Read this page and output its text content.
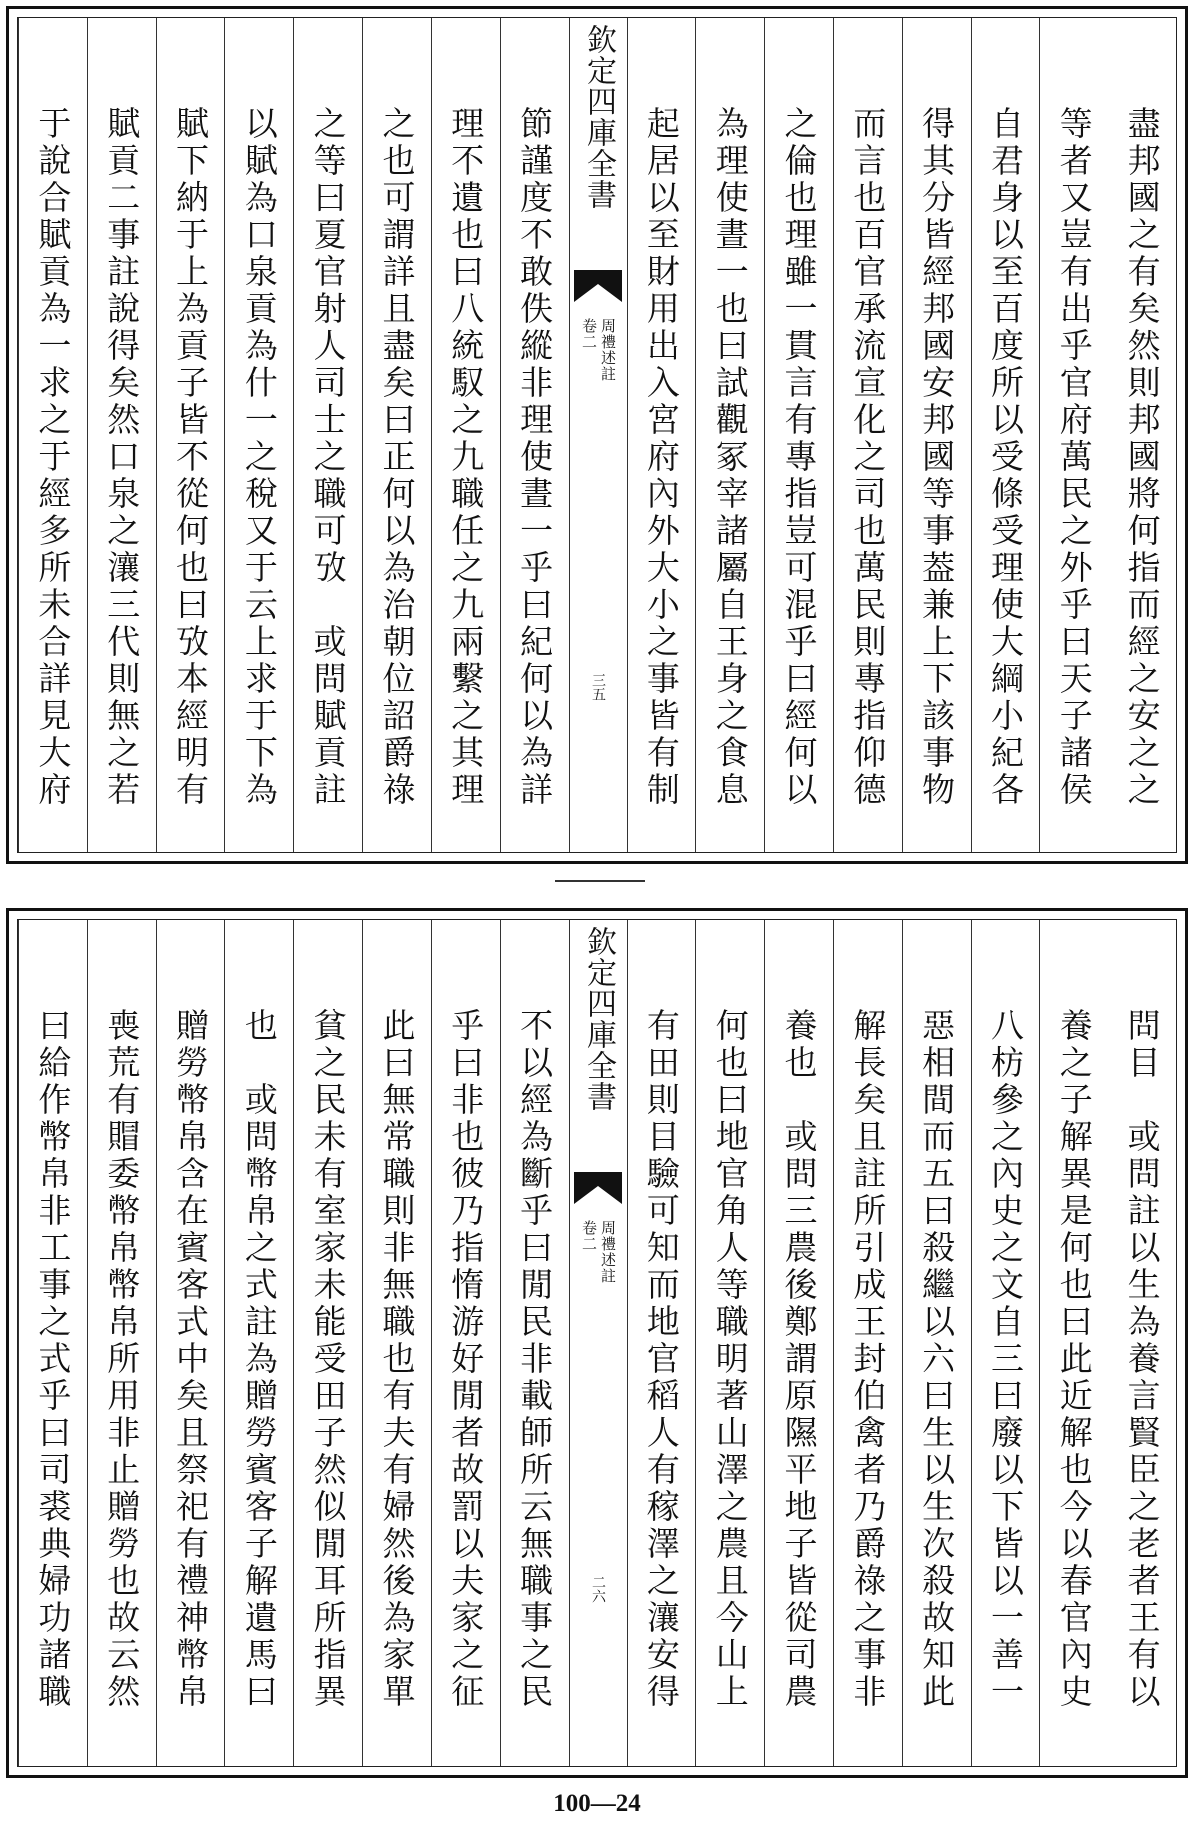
盡邦國之有矣然則邦國將何指而經之安之之
等者又豈有出乎官府萬民之外乎曰天子諸侯
自君身以至百度所以受條受理使大綱小紀各
得其分皆經邦國安邦國等事葢兼上下該事物
而言也百官承流宣化之司也萬民則專指仰德
之倫也理雖一貫言有專指豈可混乎曰經何以
為理使晝一也曰試觀冢宰諸屬自王身之食息
起居以至財用出入宮府內外大小之事皆有制
欽定四庫全書
周禮述註
卷二
三五
節謹度不敢佚縱非理使晝一乎曰紀何以為詳
理不遺也曰八統馭之九職任之九兩繫之其理
之也可謂詳且盡矣曰正何以為治朝位詔爵祿
之等曰夏官射人司士之職可攷　或問賦貢註
以賦為口泉貢為什一之稅又于云上求于下為
賦下納于上為貢子皆不從何也曰攷本經明有
賦貢二事註說得矣然口泉之瀼三代則無之若
于說合賦貢為一求之于經多所未合詳見大府
問目　或問註以生為養言賢臣之老者王有以
養之子解異是何也曰此近解也今以春官內史
八枋參之內史之文自三曰廢以下皆以一善一
惡相間而五曰殺繼以六曰生以生次殺故知此
解長矣且註所引成王封伯禽者乃爵祿之事非
養也　或問三農後鄭謂原隰平地子皆從司農
何也曰地官角人等職明著山澤之農且今山上
有田則目驗可知而地官稻人有稼澤之瀼安得
欽定四庫全書
周禮述註
卷二
二六
不以經為斷乎曰閒民非載師所云無職事之民
乎曰非也彼乃指惰游好閒者故罰以夫家之征
此曰無常職則非無職也有夫有婦然後為家單
貧之民未有室家未能受田子然似閒耳所指異
也　或問幣帛之式註為贈勞賓客子解遺馬曰
贈勞幣帛含在賓客式中矣且祭祀有禮神幣帛
喪荒有賵委幣帛幣帛所用非止贈勞也故云然
曰給作幣帛非工事之式乎曰司裘典婦功諸職
100—24
